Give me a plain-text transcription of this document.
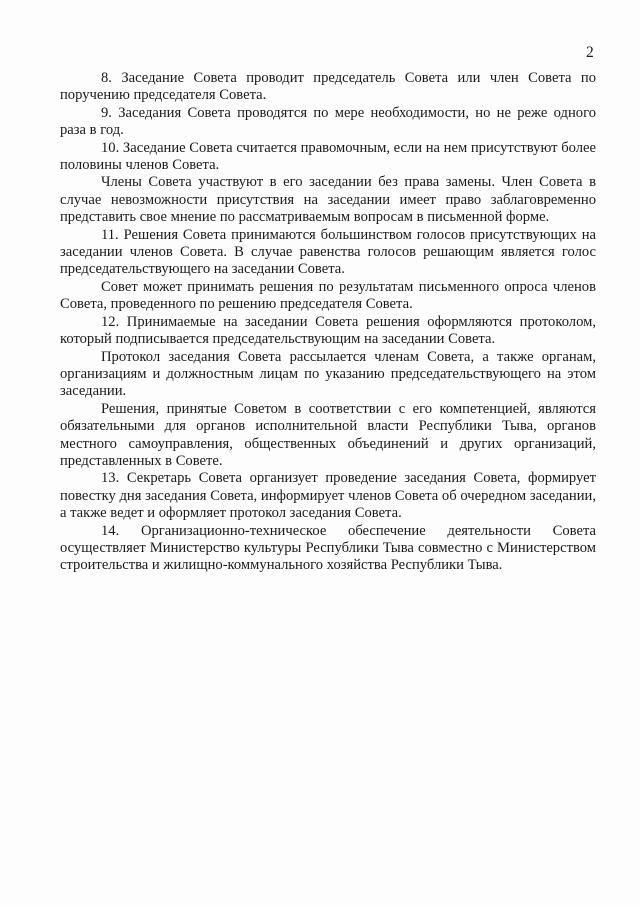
2

8. Заседание Совета проводит председатель Совета или член Совета по поручению председателя Совета.

9. Заседания Совета проводятся по мере необходимости, но не реже одного раза в год.

10. Заседание Совета считается правомочным, если на нем присутствуют более половины членов Совета.

Члены Совета участвуют в его заседании без права замены. Член Совета в случае невозможности присутствия на заседании имеет право заблаговременно представить свое мнение по рассматриваемым вопросам в письменной форме.

11. Решения Совета принимаются большинством голосов присутствующих на заседании членов Совета. В случае равенства голосов решающим является голос председательствующего на заседании Совета.

Совет может принимать решения по результатам письменного опроса членов Совета, проведенного по решению председателя Совета.

12. Принимаемые на заседании Совета решения оформляются протоколом, который подписывается председательствующим на заседании Совета.

Протокол заседания Совета рассылается членам Совета, а также органам, организациям и должностным лицам по указанию председательствующего на этом заседании.

Решения, принятые Советом в соответствии с его компетенцией, являются обязательными для органов исполнительной власти Республики Тыва, органов местного самоуправления, общественных объединений и других организаций, представленных в Совете.

13. Секретарь Совета организует проведение заседания Совета, формирует повестку дня заседания Совета, информирует членов Совета об очередном заседании, а также ведет и оформляет протокол заседания Совета.

14. Организационно-техническое обеспечение деятельности Совета осуществляет Министерство культуры Республики Тыва совместно с Министерством строительства и жилищно-коммунального хозяйства Республики Тыва.
